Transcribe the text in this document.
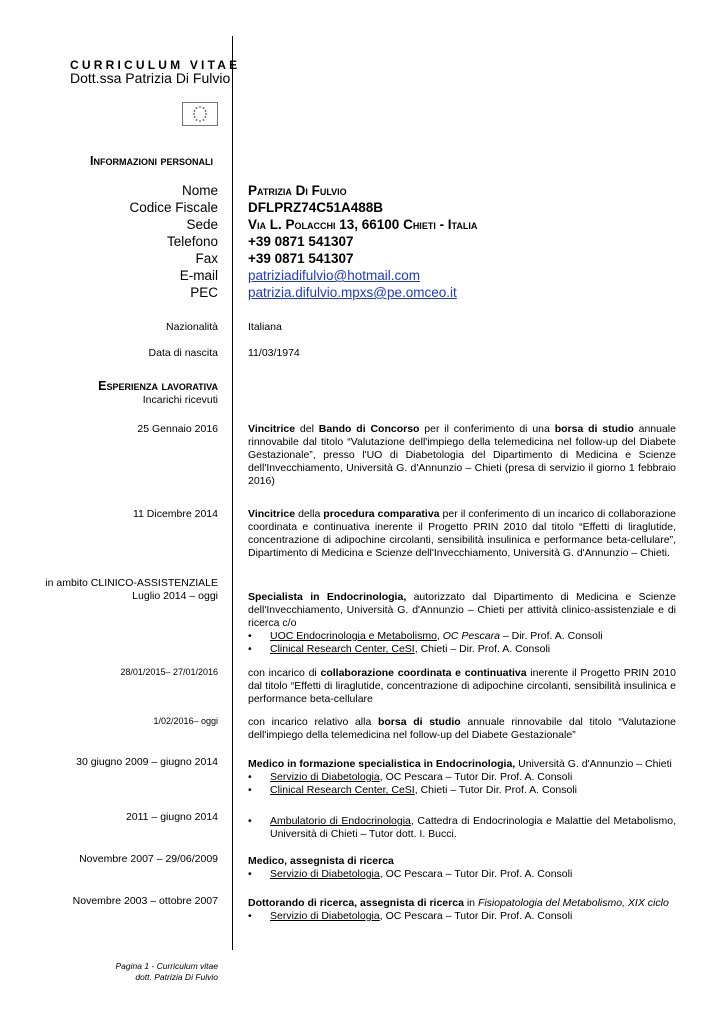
CURRICULUM VITAE
Dott.ssa Patrizia Di Fulvio
Informazioni personali
Nome Patrizia Di Fulvio
Codice Fiscale DFLPRZ74C51A488B
Sede Via L. Polacchi 13, 66100 Chieti - Italia
Telefono +39 0871 541307
Fax +39 0871 541307
E-mail patriziadifulvio@hotmail.com
PEC patrizia.difulvio.mpxs@pe.omceo.it
Nazionalità	Italiana
Data di nascita	11/03/1974
Esperienza lavorativa
Incarichi ricevuti
25 Gennaio 2016	Vincitrice del Bando di Concorso per il conferimento di una borsa di studio annuale rinnovabile dal titolo “Valutazione dell'impiego della telemedicina nel follow-up del Diabete Gestazionale”, presso l'UO di Diabetologia del Dipartimento di Medicina e Scienze dell'Invecchiamento, Università G. d'Annunzio – Chieti (presa di servizio il giorno 1 febbraio 2016)
11 Dicembre 2014	Vincitrice della procedura comparativa per il conferimento di un incarico di collaborazione coordinata e continuativa inerente il Progetto PRIN 2010 dal titolo “Effetti di liraglutide, concentrazione di adipochine circolanti, sensibilità insulinica e performance beta-cellulare”, Dipartimento di Medicina e Scienze dell'Invecchiamento, Università G. d'Annunzio – Chieti.
in ambito CLINICO-ASSISTENZIALE
Luglio 2014 – oggi	Specialista in Endocrinologia, autorizzato dal Dipartimento di Medicina e Scienze dell'Invecchiamento, Università G. d'Annunzio – Chieti per attività clinico-assistenziale e di ricerca c/o
• UOC Endocrinologia e Metabolismo, OC Pescara – Dir. Prof. A. Consoli
• Clinical Research Center, CeSI, Chieti – Dir. Prof. A. Consoli
28/01/2015– 27/01/2016	con incarico di collaborazione coordinata e continuativa inerente il Progetto PRIN 2010 dal titolo “Effetti di liraglutide, concentrazione di adipochine circolanti, sensibilità insulinica e performance beta-cellulare
1/02/2016– oggi	con incarico relativo alla borsa di studio annuale rinnovabile dal titolo “Valutazione dell'impiego della telemedicina nel follow-up del Diabete Gestazionale”
30 giugno 2009 – giugno 2014	Medico in formazione specialistica in Endocrinologia, Università G. d'Annunzio – Chieti
• Servizio di Diabetologia, OC Pescara – Tutor Dir. Prof. A. Consoli
• Clinical Research Center, CeSI, Chieti – Tutor Dir. Prof. A. Consoli
2011 – giugno 2014
•	Ambulatorio di Endocrinologia, Cattedra di Endocrinologia e Malattie del Metabolismo, Università di Chieti – Tutor dott. I. Bucci.
Novembre 2007 – 29/06/2009	Medico, assegnista di ricerca
• Servizio di Diabetologia, OC Pescara – Tutor Dir. Prof. A. Consoli
Novembre 2003 – ottobre 2007	Dottorando di ricerca, assegnista di ricerca in Fisiopatologia del Metabolismo, XIX ciclo
• Servizio di Diabetologia, OC Pescara – Tutor Dir. Prof. A. Consoli
Pagina 1 - Curriculum vitae
dott. Patrizia Di Fulvio
